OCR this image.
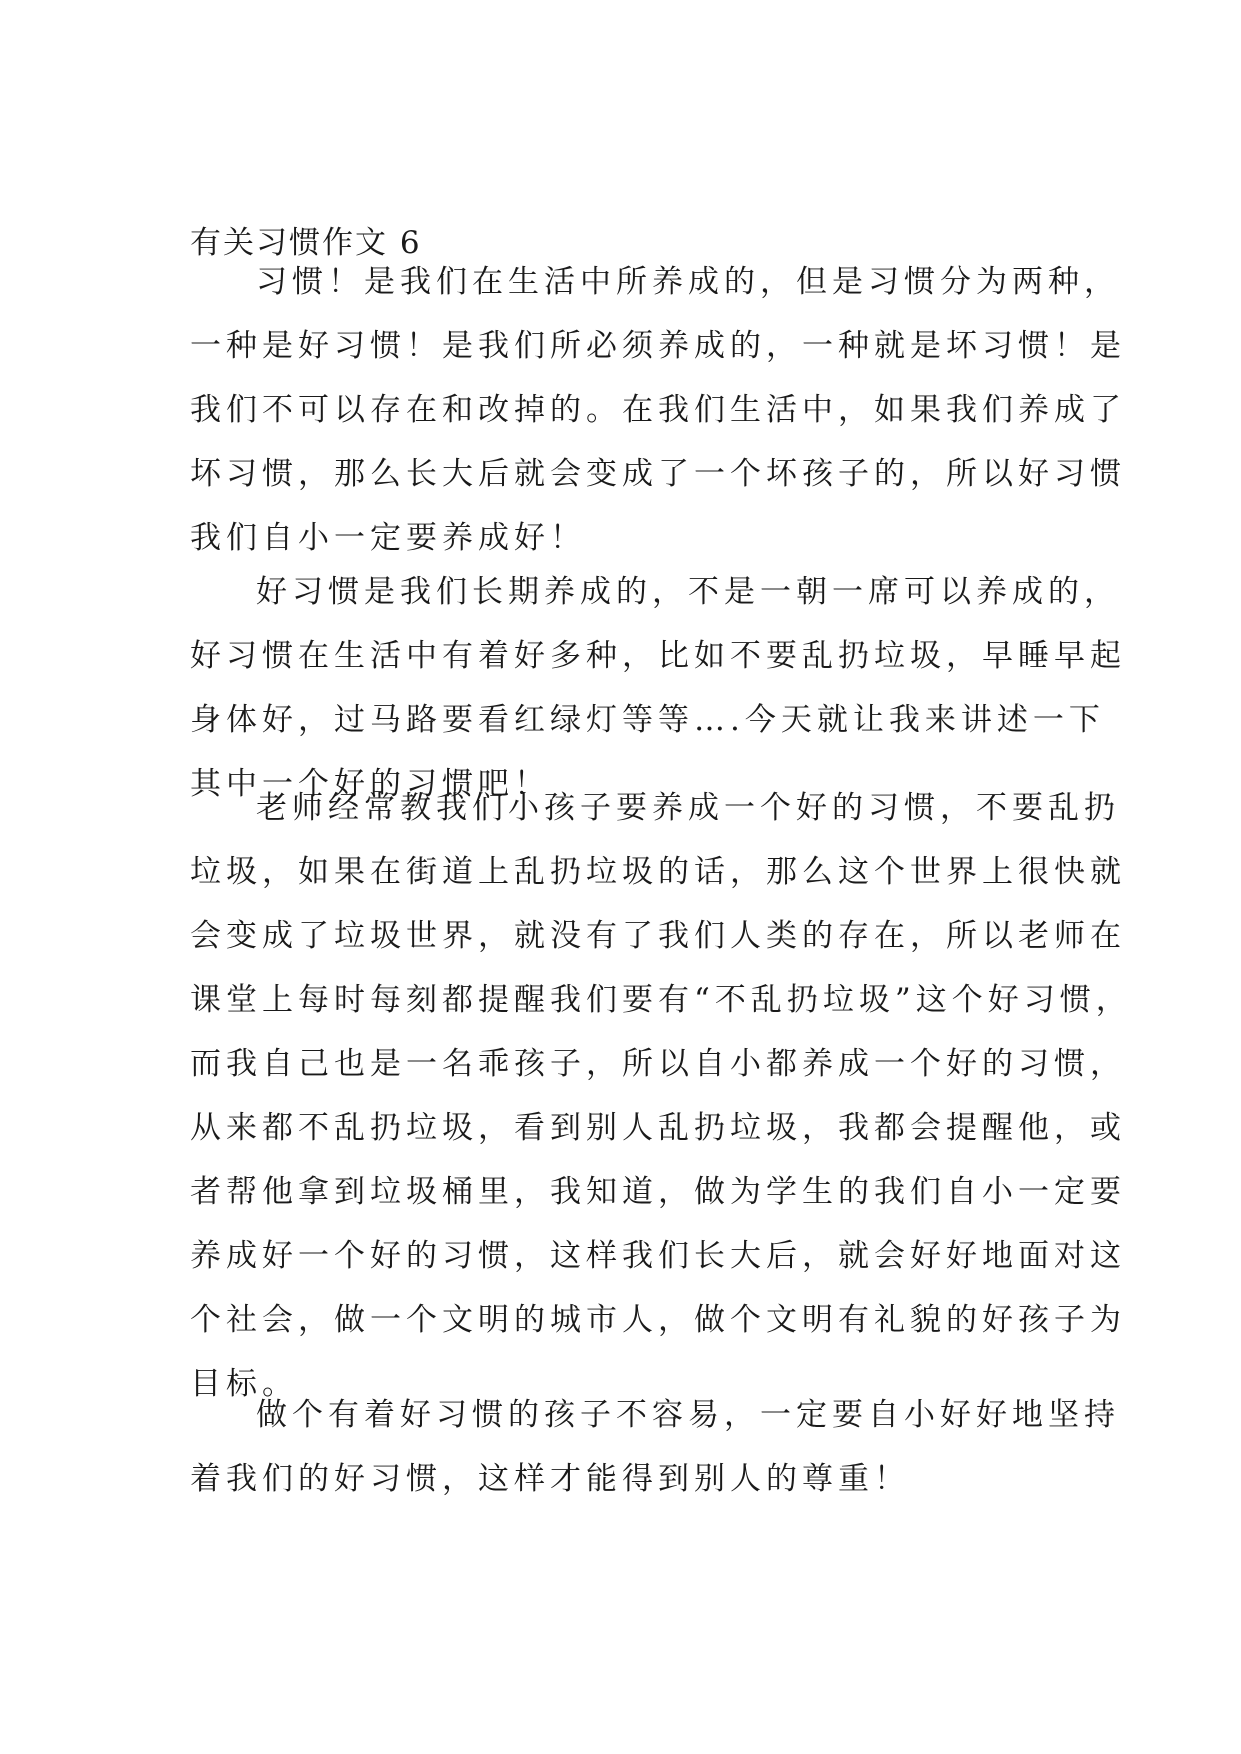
有关习惯作文 6
习惯！是我们在生活中所养成的，但是习惯分为两种，
一种是好习惯！是我们所必须养成的，一种就是坏习惯！是
我们不可以存在和改掉的。在我们生活中，如果我们养成了
坏习惯，那么长大后就会变成了一个坏孩子的，所以好习惯
我们自小一定要养成好！
好习惯是我们长期养成的，不是一朝一席可以养成的，
好习惯在生活中有着好多种，比如不要乱扔垃圾，早睡早起
身体好，过马路要看红绿灯等等….今天就让我来讲述一下
其中一个好的习惯吧！
老师经常教我们小孩子要养成一个好的习惯，不要乱扔
垃圾，如果在街道上乱扔垃圾的话，那么这个世界上很快就
会变成了垃圾世界，就没有了我们人类的存在，所以老师在
课堂上每时每刻都提醒我们要有“不乱扔垃圾”这个好习惯，
而我自己也是一名乖孩子，所以自小都养成一个好的习惯，
从来都不乱扔垃圾，看到别人乱扔垃圾，我都会提醒他，或
者帮他拿到垃圾桶里，我知道，做为学生的我们自小一定要
养成好一个好的习惯，这样我们长大后，就会好好地面对这
个社会，做一个文明的城市人，做个文明有礼貌的好孩子为
目标。
做个有着好习惯的孩子不容易，一定要自小好好地坚持
着我们的好习惯，这样才能得到别人的尊重！
